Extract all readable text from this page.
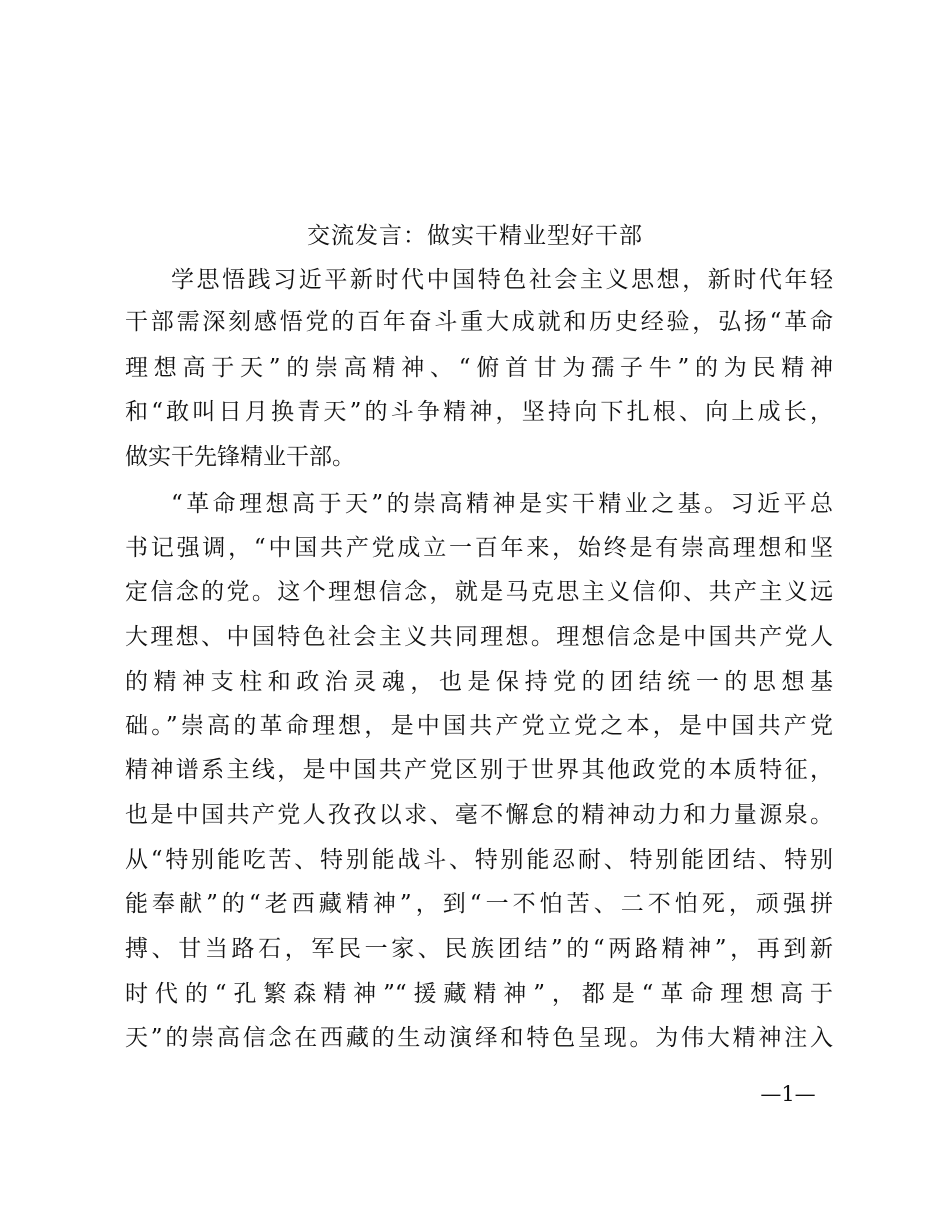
交流发言：做实干精业型好干部
学思悟践习近平新时代中国特色社会主义思想，新时代年轻
干部需深刻感悟党的百年奋斗重大成就和历史经验，弘扬“革命
理想高于天”的崇高精神、“俯首甘为孺子牛”的为民精神
和“敢叫日月换青天”的斗争精神，坚持向下扎根、向上成长，
做实干先锋精业干部。
“革命理想高于天”的崇高精神是实干精业之基。习近平总
书记强调，“中国共产党成立一百年来，始终是有崇高理想和坚
定信念的党。这个理想信念，就是马克思主义信仰、共产主义远
大理想、中国特色社会主义共同理想。理想信念是中国共产党人
的精神支柱和政治灵魂，也是保持党的团结统一的思想基
础。”崇高的革命理想，是中国共产党立党之本，是中国共产党
精神谱系主线，是中国共产党区别于世界其他政党的本质特征，
也是中国共产党人孜孜以求、毫不懈怠的精神动力和力量源泉。
从“特别能吃苦、特别能战斗、特别能忍耐、特别能团结、特别
能奉献”的“老西藏精神”，到“一不怕苦、二不怕死，顽强拼
搏、甘当路石，军民一家、民族团结”的“两路精神”，再到新
时代的“孔繁森精神”“援藏精神”，都是“革命理想高于
天”的崇高信念在西藏的生动演绎和特色呈现。为伟大精神注入
—1—
